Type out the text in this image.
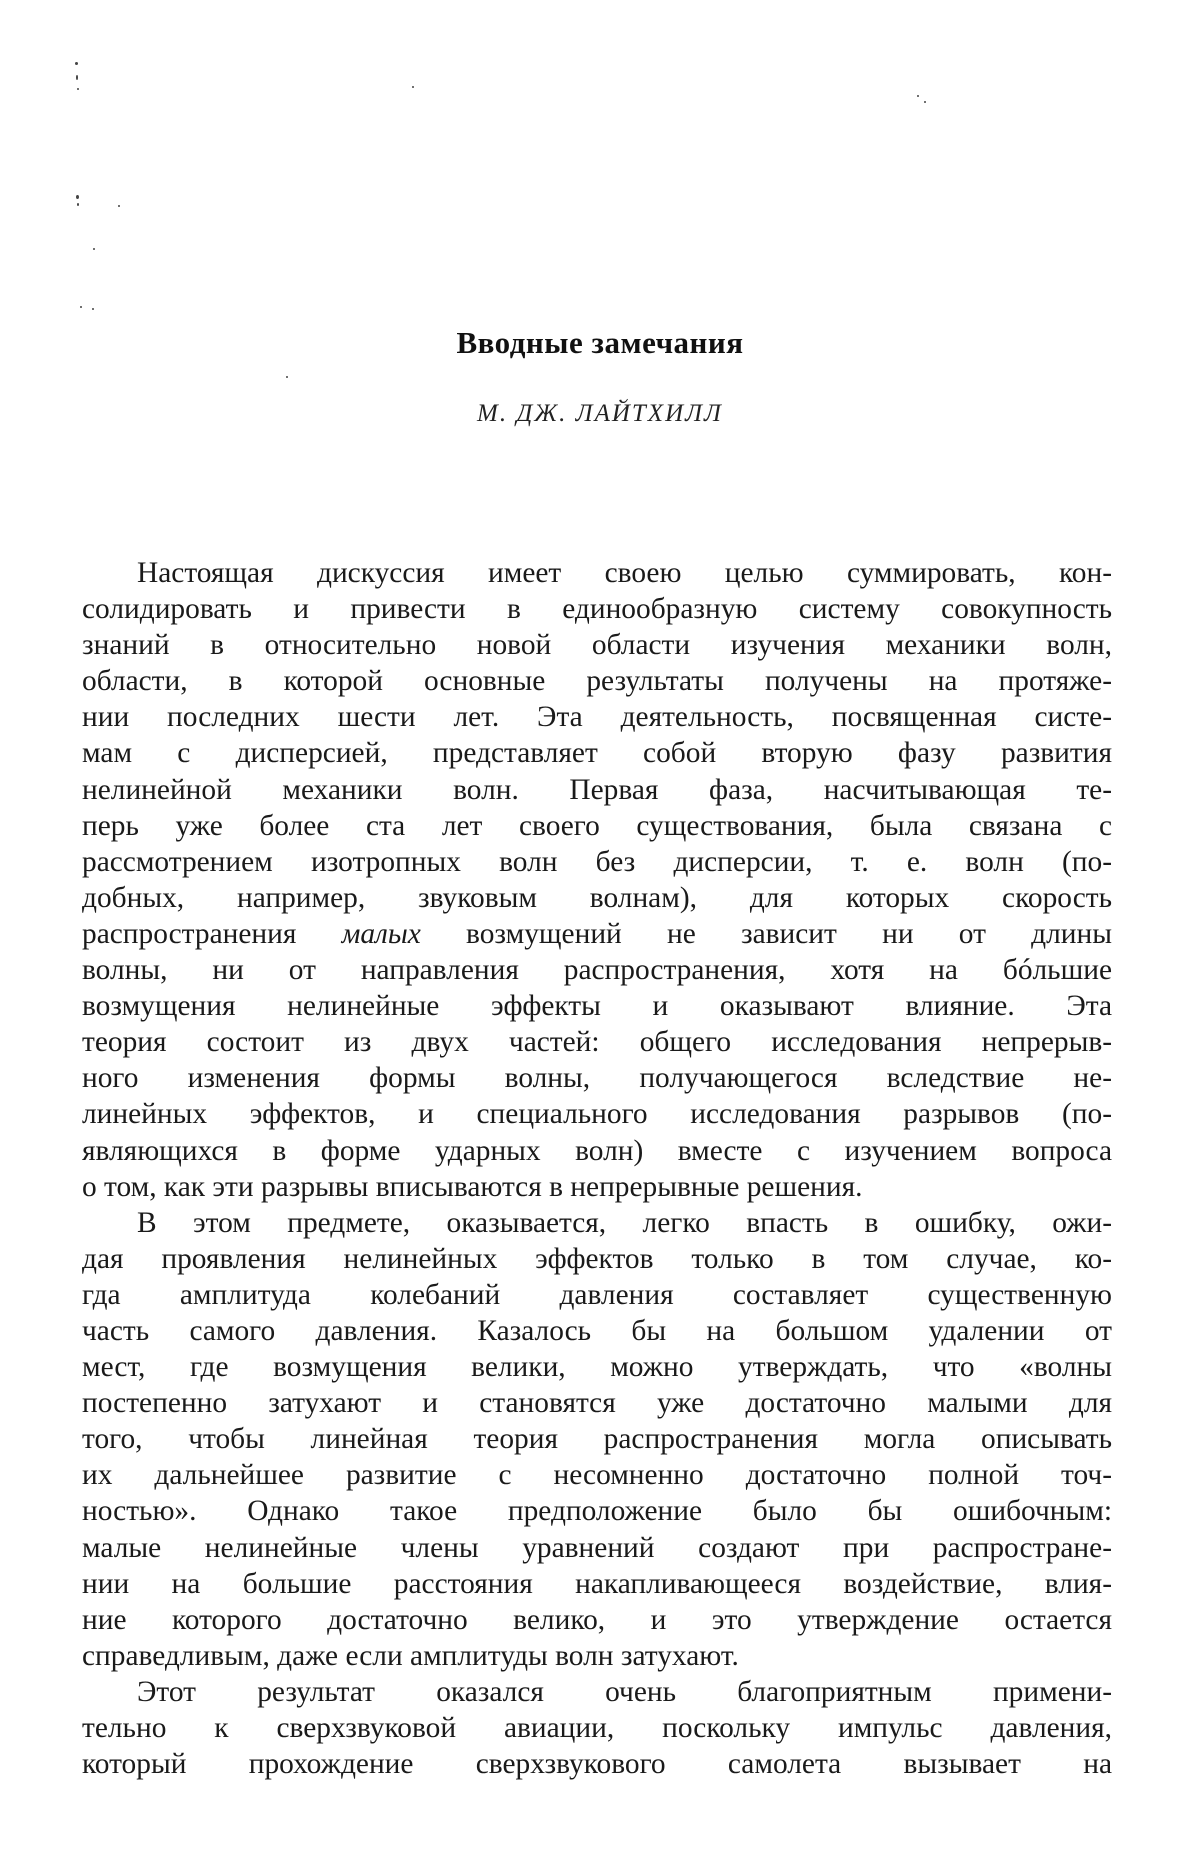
Вводные замечания
М. ДЖ. ЛАЙТХИЛЛ
Настоящая дискуссия имеет своею целью суммировать, кон-
солидировать и привести в единообразную систему совокупность
знаний в относительно новой области изучения механики волн,
области, в которой основные результаты получены на протяже-
нии последних шести лет. Эта деятельность, посвященная систе-
мам с дисперсией, представляет собой вторую фазу развития
нелинейной механики волн. Первая фаза, насчитывающая те-
перь уже более ста лет своего существования, была связана с
рассмотрением изотропных волн без дисперсии, т. е. волн (по-
добных, например, звуковым волнам), для которых скорость
распространения малых возмущений не зависит ни от длины
волны, ни от направления распространения, хотя на бóльшие
возмущения нелинейные эффекты и оказывают влияние. Эта
теория состоит из двух частей: общего исследования непрерыв-
ного изменения формы волны, получающегося вследствие не-
линейных эффектов, и специального исследования разрывов (по-
являющихся в форме ударных волн) вместе с изучением вопроса
о том, как эти разрывы вписываются в непрерывные решения.
В этом предмете, оказывается, легко впасть в ошибку, ожи-
дая проявления нелинейных эффектов только в том случае, ко-
гда амплитуда колебаний давления составляет существенную
часть самого давления. Казалось бы на большом удалении от
мест, где возмущения велики, можно утверждать, что «волны
постепенно затухают и становятся уже достаточно малыми для
того, чтобы линейная теория распространения могла описывать
их дальнейшее развитие с несомненно достаточно полной точ-
ностью». Однако такое предположение было бы ошибочным:
малые нелинейные члены уравнений создают при распростране-
нии на большие расстояния накапливающееся воздействие, влия-
ние которого достаточно велико, и это утверждение остается
справедливым, даже если амплитуды волн затухают.
Этот результат оказался очень благоприятным примени-
тельно к сверхзвуковой авиации, поскольку импульс давления,
который прохождение сверхзвукового самолета вызывает на
